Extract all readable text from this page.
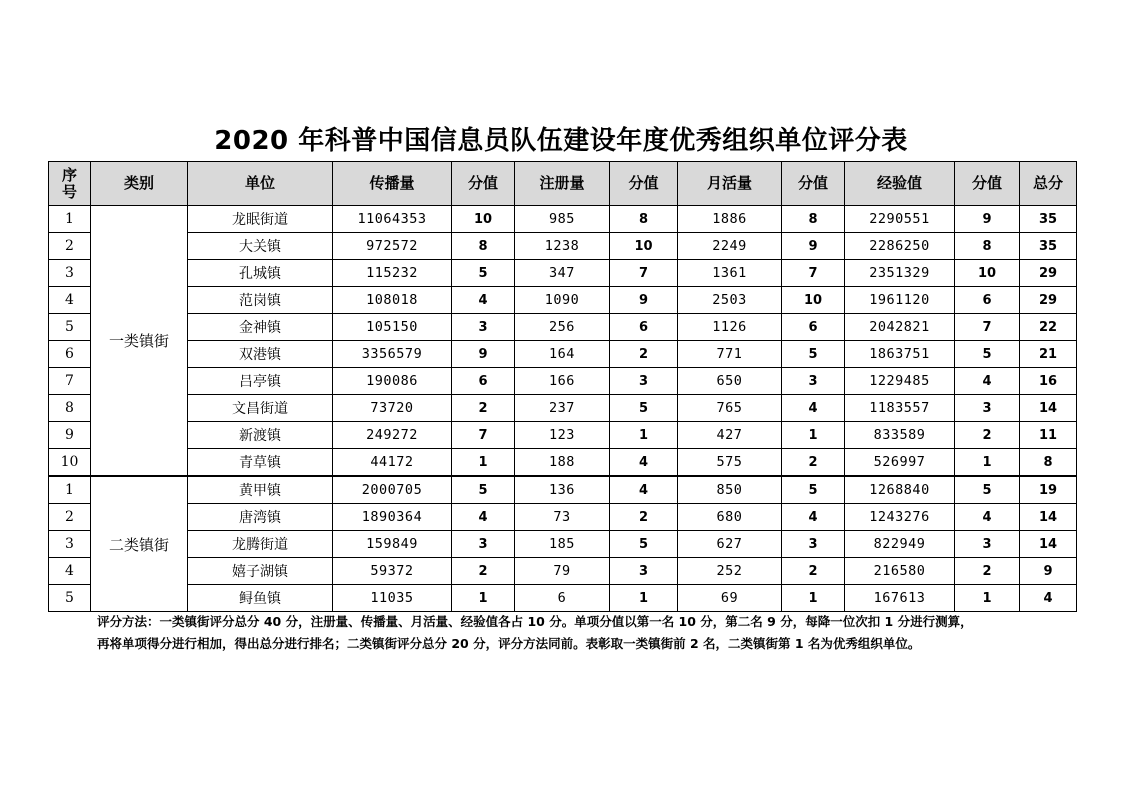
2020 年科普中国信息员队伍建设年度优秀组织单位评分表
序号	类别	单位	传播量	分值	注册量	分值	月活量	分值	经验值	分值	总分
1	一类镇街	龙眠街道	11064353	10	985	8	1886	8	2290551	9	35
2		大关镇	972572	8	1238	10	2249	9	2286250	8	35
3		孔城镇	115232	5	347	7	1361	7	2351329	10	29
4		范岗镇	108018	4	1090	9	2503	10	1961120	6	29
5		金神镇	105150	3	256	6	1126	6	2042821	7	22
6		双港镇	3356579	9	164	2	771	5	1863751	5	21
7		吕亭镇	190086	6	166	3	650	3	1229485	4	16
8		文昌街道	73720	2	237	5	765	4	1183557	3	14
9		新渡镇	249272	7	123	1	427	1	833589	2	11
10		青草镇	44172	1	188	4	575	2	526997	1	8
1	二类镇街	黄甲镇	2000705	5	136	4	850	5	1268840	5	19
2		唐湾镇	1890364	4	73	2	680	4	1243276	4	14
3		龙腾街道	159849	3	185	5	627	3	822949	3	14
4		嬉子湖镇	59372	2	79	3	252	2	216580	2	9
5		鲟鱼镇	11035	1	6	1	69	1	167613	1	4
评分方法：一类镇街评分总分 40 分，注册量、传播量、月活量、经验值各占 10 分。单项分值以第一名 10 分，第二名 9 分，每降一位次扣 1 分进行测算，
再将单项得分进行相加，得出总分进行排名；二类镇街评分总分 20 分，评分方法同前。表彰取一类镇街前 2 名，二类镇街第 1 名为优秀组织单位。
